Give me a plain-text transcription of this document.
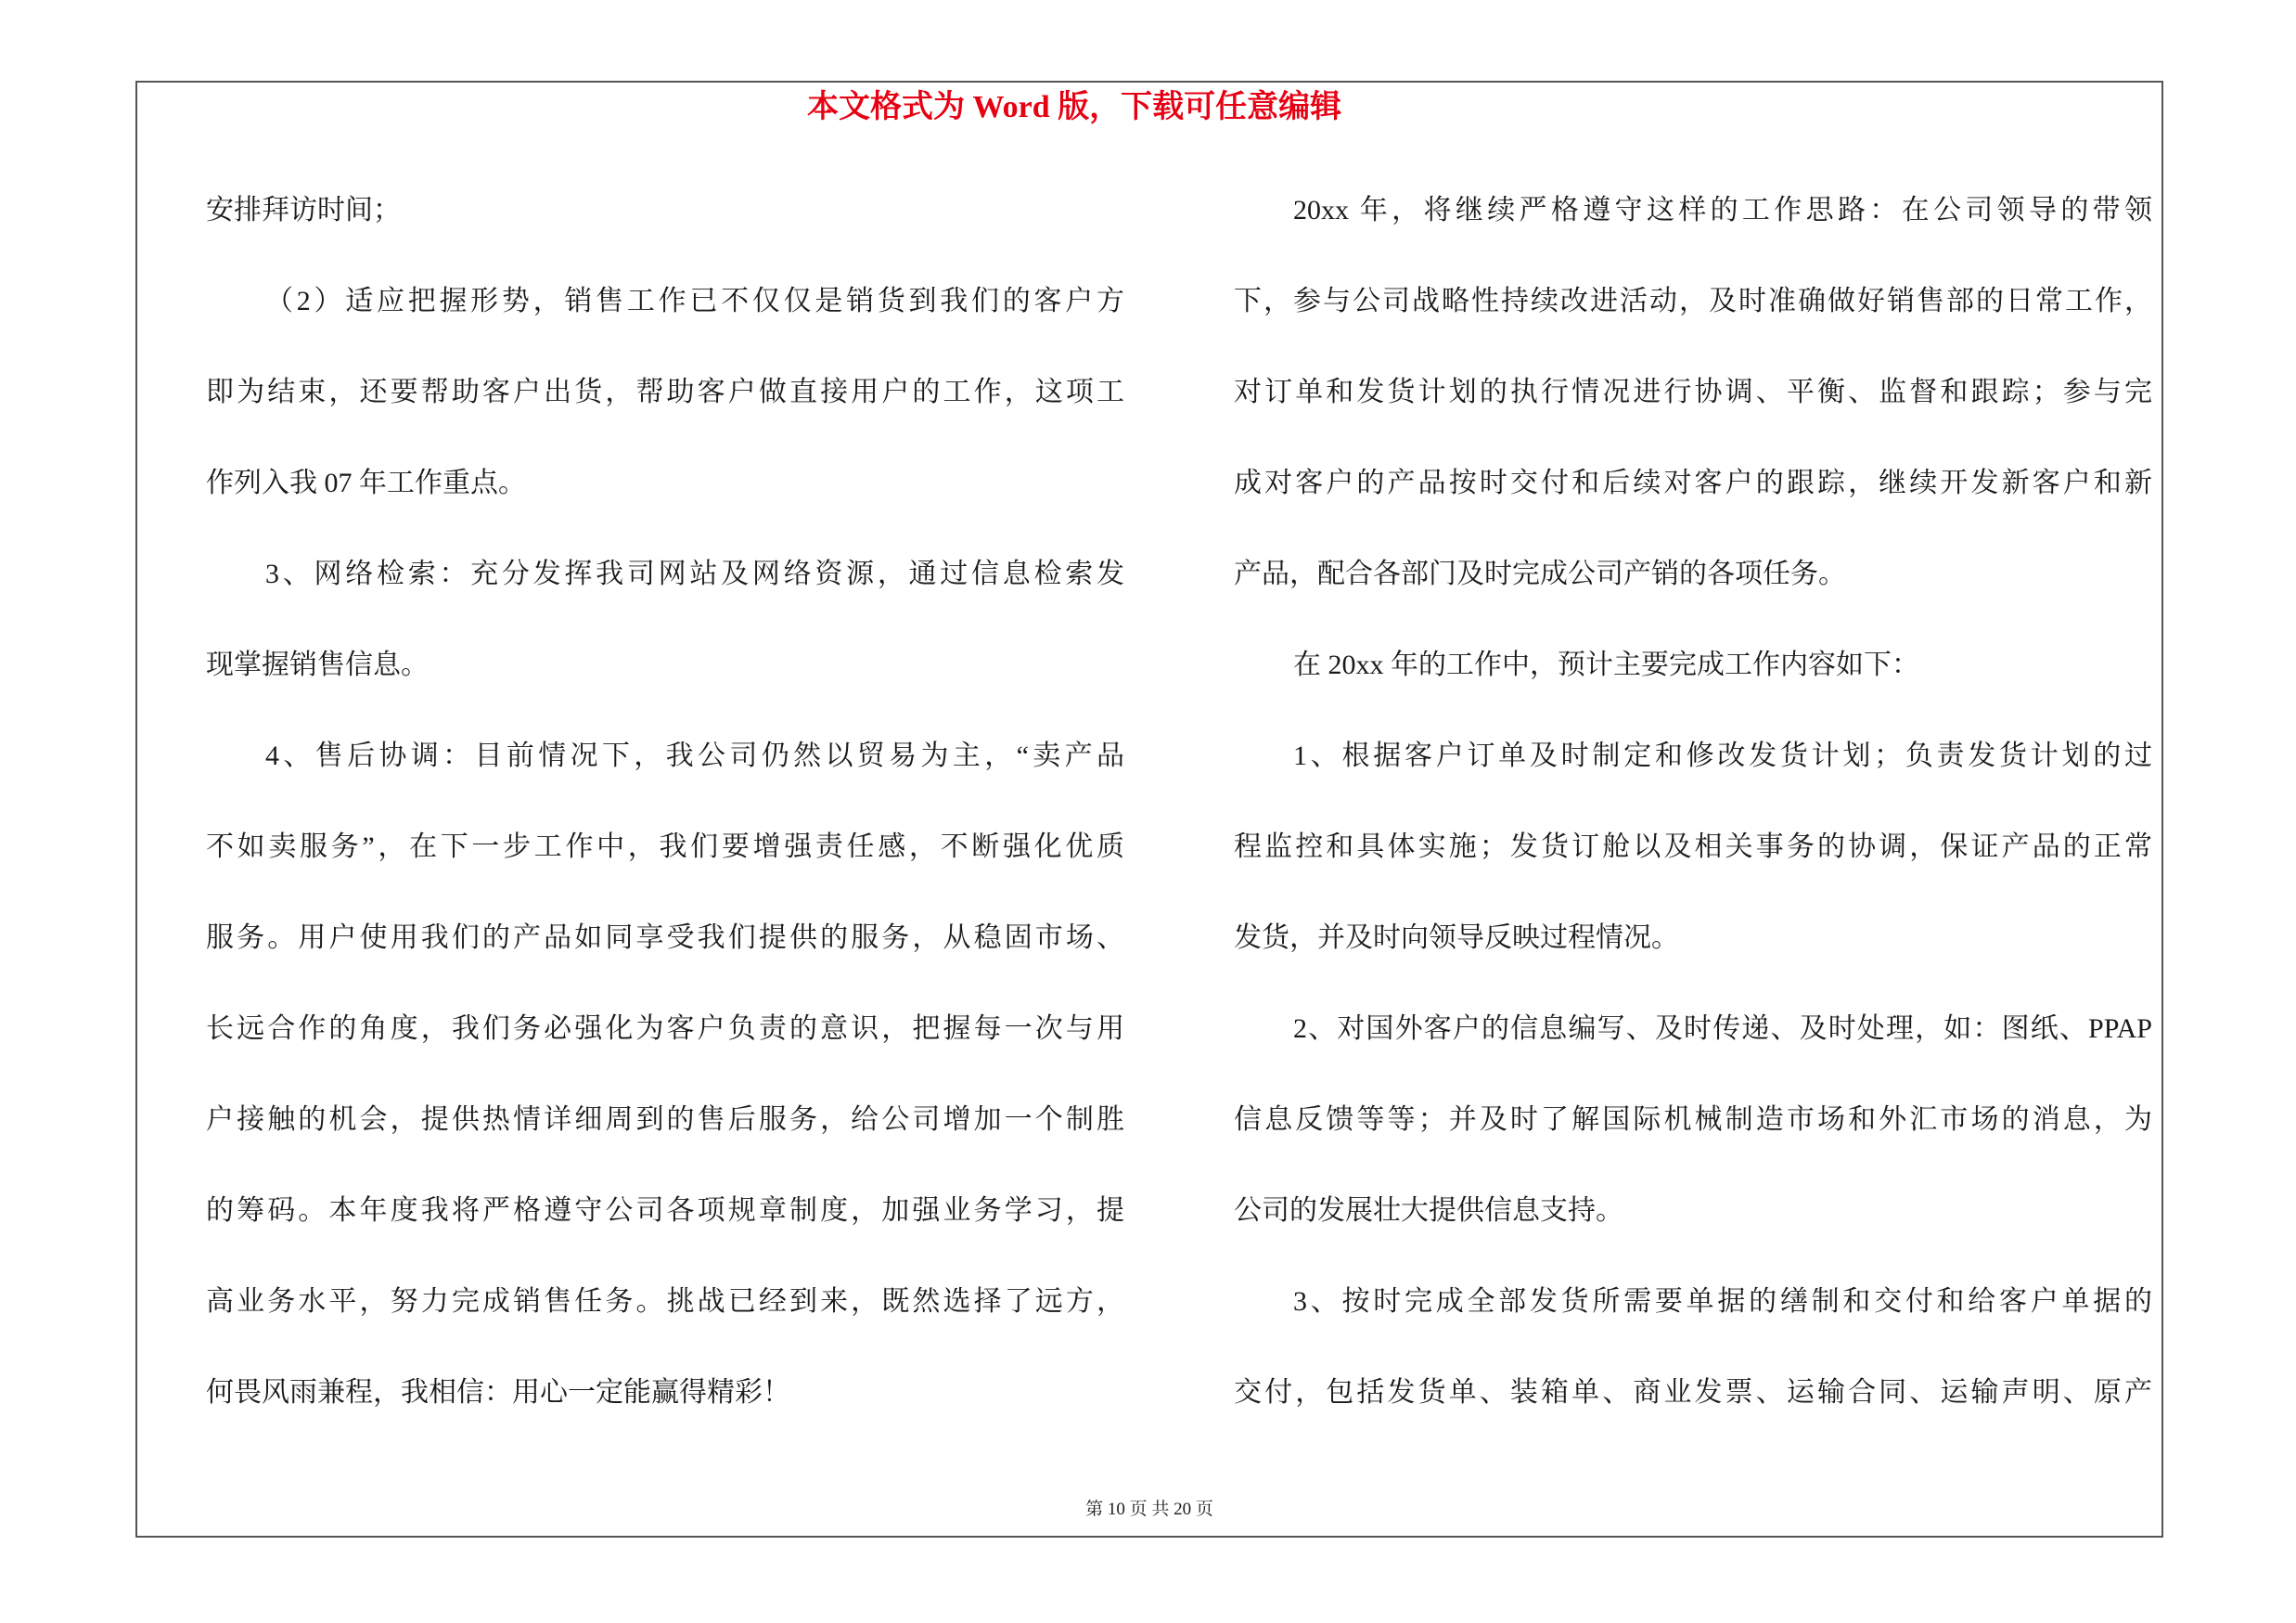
本文格式为 Word 版，下载可任意编辑
安排拜访时间；
（2）适应把握形势，销售工作已不仅仅是销货到我们的客户方
即为结束，还要帮助客户出货，帮助客户做直接用户的工作，这项工
作列入我 07 年工作重点。
3、网络检索：充分发挥我司网站及网络资源，通过信息检索发
现掌握销售信息。
4、售后协调：目前情况下，我公司仍然以贸易为主，“卖产品
不如卖服务”，在下一步工作中，我们要增强责任感，不断强化优质
服务。用户使用我们的产品如同享受我们提供的服务，从稳固市场、
长远合作的角度，我们务必强化为客户负责的意识，把握每一次与用
户接触的机会，提供热情详细周到的售后服务，给公司增加一个制胜
的筹码。本年度我将严格遵守公司各项规章制度，加强业务学习，提
高业务水平，努力完成销售任务。挑战已经到来，既然选择了远方，
何畏风雨兼程，我相信：用心一定能赢得精彩！
20xx 年，将继续严格遵守这样的工作思路：在公司领导的带领
下，参与公司战略性持续改进活动，及时准确做好销售部的日常工作，
对订单和发货计划的执行情况进行协调、平衡、监督和跟踪；参与完
成对客户的产品按时交付和后续对客户的跟踪，继续开发新客户和新
产品，配合各部门及时完成公司产销的各项任务。
在 20xx 年的工作中，预计主要完成工作内容如下：
1、根据客户订单及时制定和修改发货计划；负责发货计划的过
程监控和具体实施；发货订舱以及相关事务的协调，保证产品的正常
发货，并及时向领导反映过程情况。
2、对国外客户的信息编写、及时传递、及时处理，如：图纸、PPAP
信息反馈等等；并及时了解国际机械制造市场和外汇市场的消息，为
公司的发展壮大提供信息支持。
3、按时完成全部发货所需要单据的缮制和交付和给客户单据的
交付，包括发货单、装箱单、商业发票、运输合同、运输声明、原产
第 10 页 共 20 页
